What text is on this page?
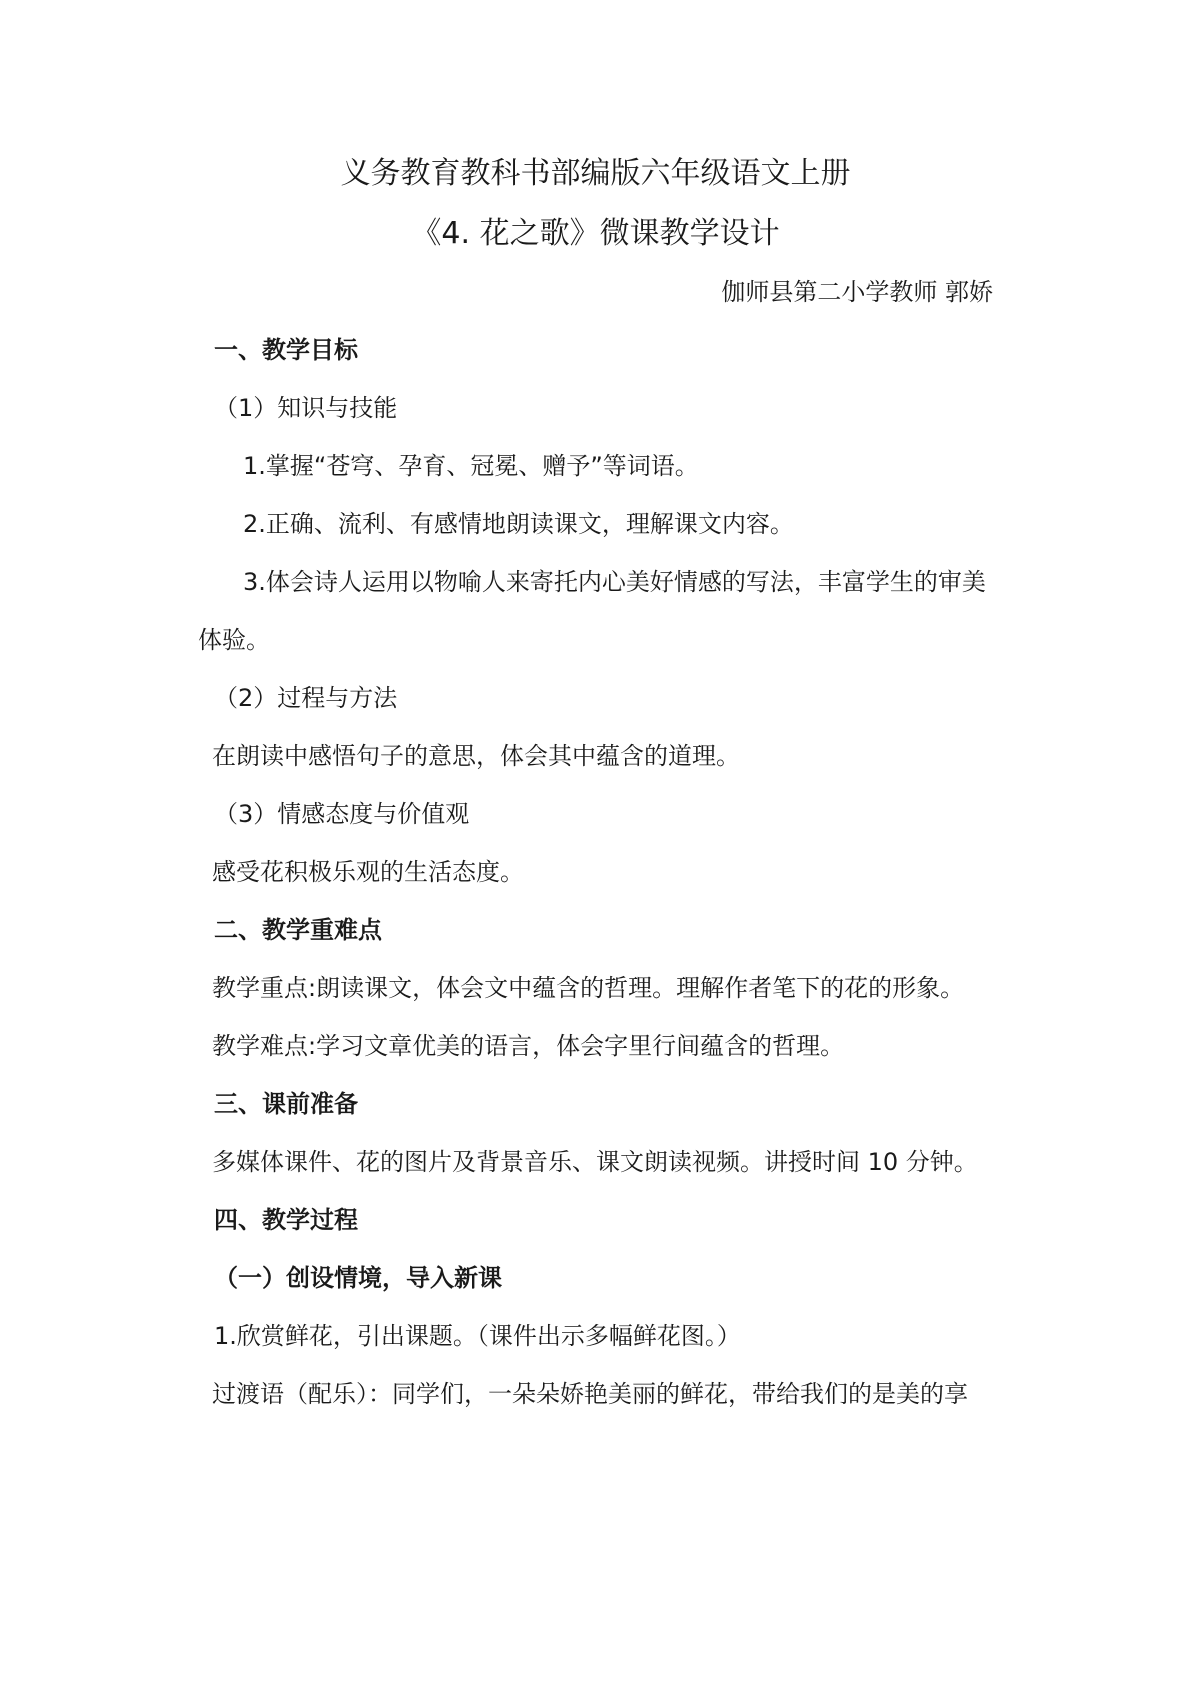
义务教育教科书部编版六年级语文上册
《4. 花之歌》微课教学设计
伽师县第二小学教师 郭娇
一、教学目标
（1）知识与技能
1.掌握“苍穹、孕育、冠冕、赠予”等词语。
2.正确、流利、有感情地朗读课文，理解课文内容。
3.体会诗人运用以物喻人来寄托内心美好情感的写法，丰富学生的审美
体验。
（2）过程与方法
在朗读中感悟句子的意思，体会其中蕴含的道理。
（3）情感态度与价值观
感受花积极乐观的生活态度。
二、教学重难点
教学重点:朗读课文，体会文中蕴含的哲理。理解作者笔下的花的形象。
教学难点:学习文章优美的语言，体会字里行间蕴含的哲理。
三、课前准备
多媒体课件、花的图片及背景音乐、课文朗读视频。讲授时间 10 分钟。
四、教学过程
（一）创设情境，导入新课
1.欣赏鲜花，引出课题。（课件出示多幅鲜花图。）
过渡语（配乐）：同学们，一朵朵娇艳美丽的鲜花，带给我们的是美的享
